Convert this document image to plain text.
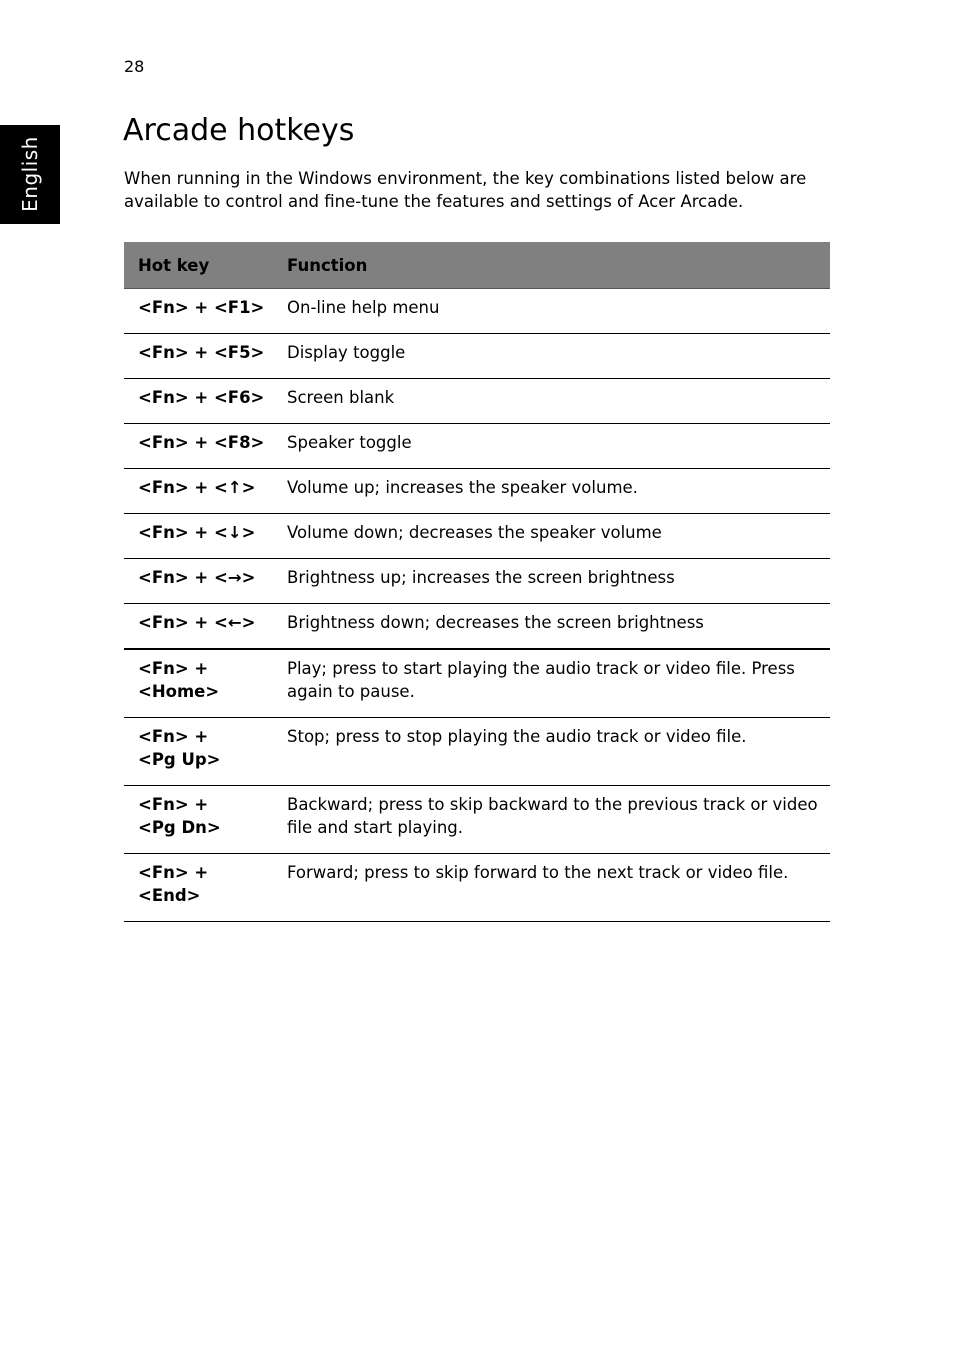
28
English
Arcade hotkeys

When running in the Windows environment, the key combinations listed below are available to control and fine-tune the features and settings of Acer Arcade.

Hot key	Function
<Fn> + <F1>	On-line help menu
<Fn> + <F5>	Display toggle
<Fn> + <F6>	Screen blank
<Fn> + <F8>	Speaker toggle
<Fn> + <↑>	Volume up; increases the speaker volume.
<Fn> + <↓>	Volume down; decreases the speaker volume
<Fn> + <→>	Brightness up; increases the screen brightness
<Fn> + <←>	Brightness down; decreases the screen brightness
<Fn> +
<Home>	Play; press to start playing the audio track or video file. Press again to pause.
<Fn> +
<Pg Up>	Stop; press to stop playing the audio track or video file.
<Fn> +
<Pg Dn>	Backward; press to skip backward to the previous track or video file and start playing.
<Fn> + <End>	Forward; press to skip forward to the next track or video file.
